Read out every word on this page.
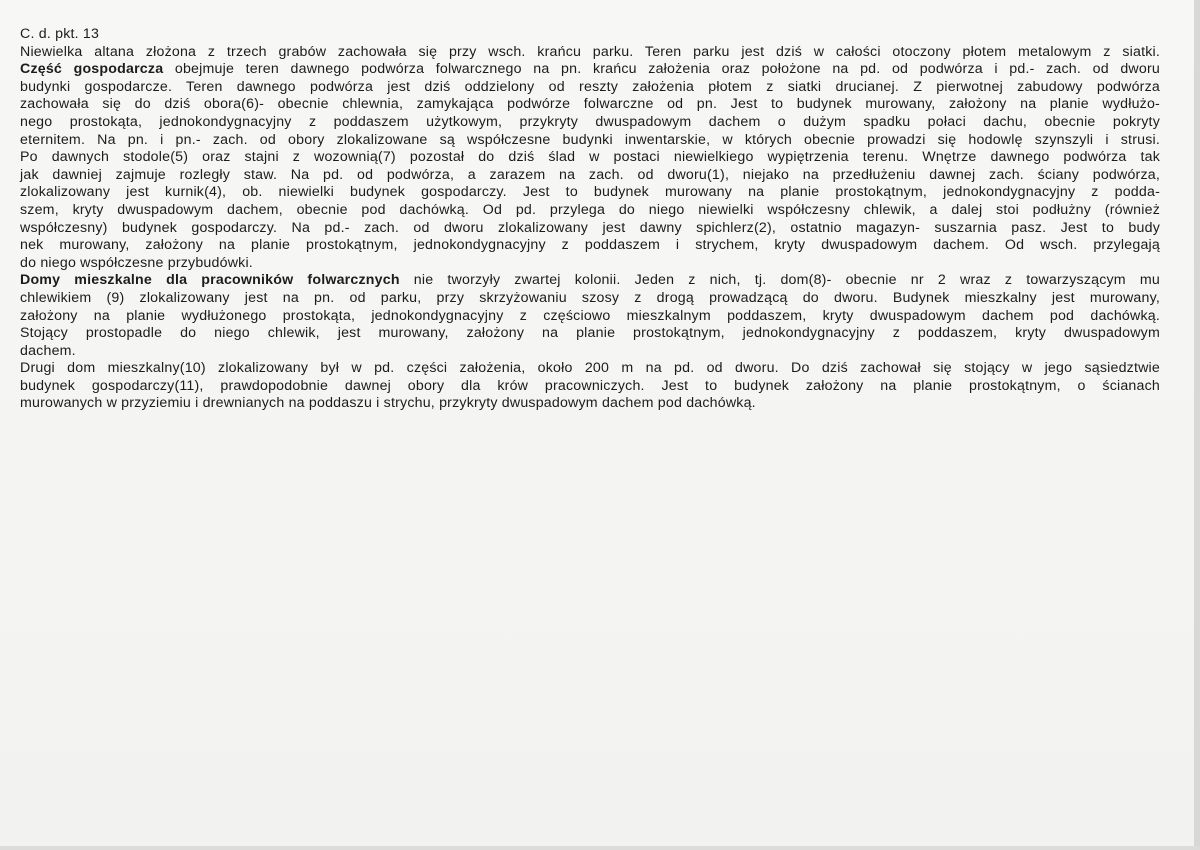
C. d. pkt. 13
Niewielka altana złożona z trzech grabów zachowała się przy wsch. krańcu parku. Teren parku jest dziś w całości otoczony płotem metalowym z siatki.
Część gospodarcza obejmuje teren dawnego podwórza folwarcznego na pn. krańcu założenia oraz położone na pd. od podwórza i pd.- zach. od dworu
budynki gospodarcze. Teren dawnego podwórza jest dziś oddzielony od reszty założenia płotem z siatki drucianej. Z pierwotnej zabudowy podwórza
zachowała się do dziś obora(6)- obecnie chlewnia, zamykająca podwórze folwarczne od pn. Jest to budynek murowany, założony na planie wydłużo-
nego prostokąta, jednokondygnacyjny z poddaszem użytkowym, przykryty dwuspadowym dachem o dużym spadku połaci dachu, obecnie pokryty
eternitem. Na pn. i pn.- zach. od obory zlokalizowane są współczesne budynki inwentarskie, w których obecnie prowadzi się hodowlę szynszyli i strusi.
Po dawnych stodole(5) oraz stajni z wozownią(7) pozostał do dziś ślad w postaci niewielkiego wypiętrzenia terenu. Wnętrze dawnego podwórza tak
jak dawniej zajmuje rozległy staw. Na pd. od podwórza, a zarazem na zach. od dworu(1), niejako na przedłużeniu dawnej zach. ściany podwórza,
zlokalizowany jest kurnik(4), ob. niewielki budynek gospodarczy. Jest to budynek murowany na planie prostokątnym, jednokondygnacyjny z podda-
szem, kryty dwuspadowym dachem, obecnie pod dachówką. Od pd. przylega do niego niewielki współczesny chlewik, a dalej stoi podłużny (również
współczesny) budynek gospodarczy. Na pd.- zach. od dworu zlokalizowany jest dawny spichlerz(2), ostatnio magazyn- suszarnia pasz. Jest to budy
nek murowany, założony na planie prostokątnym, jednokondygnacyjny z poddaszem i strychem, kryty dwuspadowym dachem. Od wsch. przylegają
do niego współczesne przybudówki.
Domy mieszkalne dla pracowników folwarcznych nie tworzyły zwartej kolonii. Jeden z nich, tj. dom(8)- obecnie nr 2 wraz z towarzyszącym mu
chlewikiem (9) zlokalizowany jest na pn. od parku, przy skrzyżowaniu szosy z drogą prowadzącą do dworu. Budynek mieszkalny jest murowany,
założony na planie wydłużonego prostokąta, jednokondygnacyjny z częściowo mieszkalnym poddaszem, kryty dwuspadowym dachem pod dachówką.
Stojący prostopadle do niego chlewik, jest murowany, założony na planie prostokątnym, jednokondygnacyjny z poddaszem, kryty dwuspadowym
dachem.
Drugi dom mieszkalny(10) zlokalizowany był w pd. części założenia, około 200 m na pd. od dworu. Do dziś zachował się stojący w jego sąsiedztwie
budynek gospodarczy(11), prawdopodobnie dawnej obory dla krów pracowniczych. Jest to budynek założony na planie prostokątnym, o ścianach
murowanych w przyziemiu i drewnianych na poddaszu i strychu, przykryty dwuspadowym dachem pod dachówką.
